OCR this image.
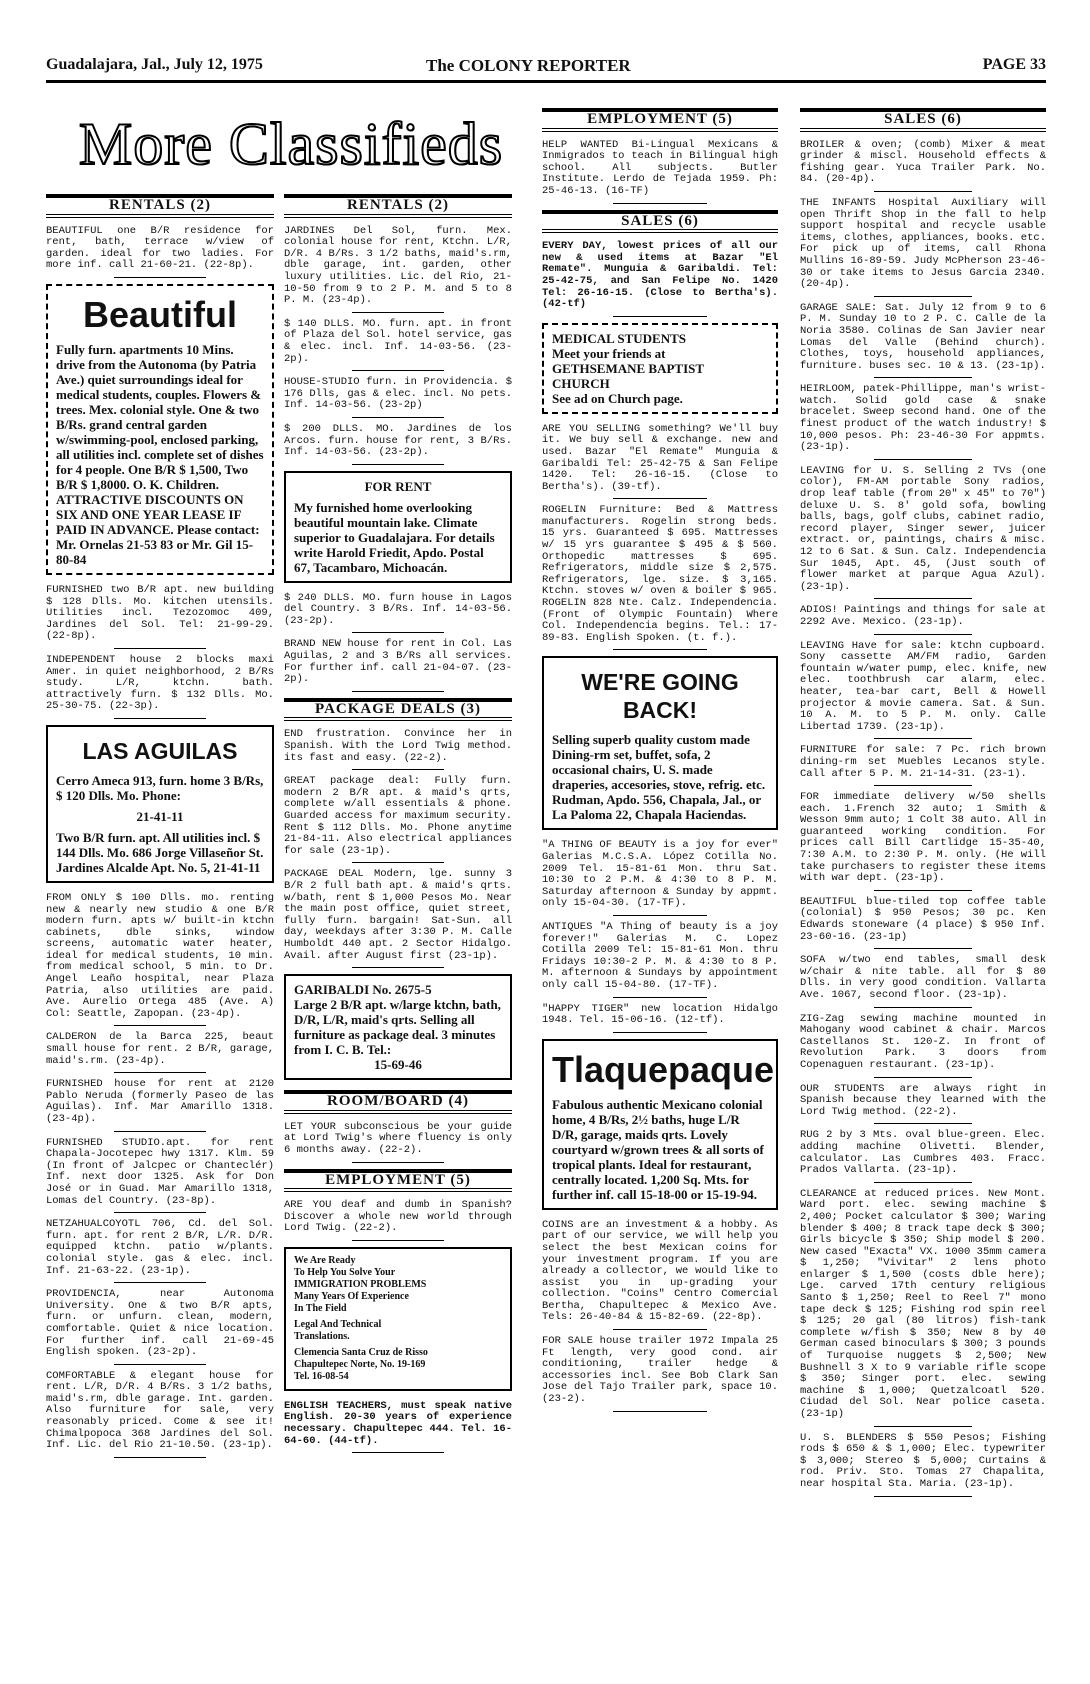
Guadalajara, Jal., July 12, 1975	The COLONY REPORTER	PAGE 33
More Classifieds
RENTALS (2)
BEAUTIFUL one B/R residence for rent, bath, terrace w/view of garden. ideal for two ladies. For more inf. call 21-60-21. (22-8p).
Beautiful
Fully furn. apartments 10 Mins. drive from the Autonoma (by Patria Ave.) quiet surroundings ideal for medical students, couples. Flowers & trees. Mex. colonial style. One & two B/Rs. grand central garden w/swimming-pool, enclosed parking, all utilities incl. complete set of dishes for 4 people. One B/R $ 1,500, Two B/R $ 1,8000. O. K. Children. ATTRACTIVE DISCOUNTS ON SIX AND ONE YEAR LEASE IF PAID IN ADVANCE. Please contact: Mr. Ornelas 21-53 83 or Mr. Gil 15-80-84
FURNISHED two B/R apt. new building $ 128 Dlls. Mo. kitchen utensils. Utilities incl. Tezozomoc 409, Jardines del Sol. Tel: 21-99-29. (22-8p).
INDEPENDENT house 2 blocks maxi Amer. in quiet neighborhood, 2 B/Rs study. L/R, ktchn. bath. attractively furn. $ 132 Dlls. Mo. 25-30-75. (22-3p).
LAS AGUILAS
Cerro Ameca 913, furn. home 3 B/Rs, $ 120 Dlls. Mo. Phone:
21-41-11
Two B/R furn. apt. All utilities incl. $ 144 Dlls. Mo. 686 Jorge Villaseñor St. Jardines Alcalde Apt. No. 5, 21-41-11
FROM ONLY $ 100 Dlls. mo. renting new & nearly new studio & one B/R modern furn. apts w/ built-in ktchn cabinets, dble sinks, window screens, automatic water heater, ideal for medical students, 10 min. from medical school, 5 min. to Dr. Angel Leaño hospital, near Plaza Patria, also utilities are paid. Ave. Aurelio Ortega 485 (Ave. A) Col: Seattle, Zapopan. (23-4p).
CALDERON de la Barca 225, beaut small house for rent. 2 B/R, garage, maid's.rm. (23-4p).
FURNISHED house for rent at 2120 Pablo Neruda (formerly Paseo de las Aguilas). Inf. Mar Amarillo 1318. (23-4p).
FURNISHED STUDIO.apt. for rent Chapala-Jocotepec hwy 1317. Klm. 59 (In front of Jalcpec or Chanteclér) Inf. next door 1325. Ask for Don José or in Guad. Mar Amarillo 1318, Lomas del Country. (23-8p).
NETZAHUALCOYOTL 706, Cd. del Sol. furn. apt. for rent 2 B/R, L/R. D/R. equipped ktchn. patio w/plants. colonial style. gas & elec. incl. Inf. 21-63-22. (23-1p).
PROVIDENCIA, near Autonoma University. One & two B/R apts, furn. or unfurn. clean, modern, comfortable. Quiet & nice location. For further inf. call 21-69-45 English spoken. (23-2p).
COMFORTABLE & elegant house for rent. L/R, D/R. 4 B/Rs. 3 1/2 baths, maid's.rm, dble garage. Int. garden. Also furniture for sale, very reasonably priced. Come & see it! Chimalpopoca 368 Jardines del Sol. Inf. Lic. del Rio 21-10.50. (23-1p).
RENTALS (2)
JARDINES Del Sol, furn. Mex. colonial house for rent, Ktchn. L/R, D/R. 4 B/Rs. 3 1/2 baths, maid's.rm, dble garage, int. garden, other luxury utilities. Lic. del Rio, 21-10-50 from 9 to 2 P. M. and 5 to 8 P. M. (23-4p).
$ 140 DLLS. MO. furn. apt. in front of Plaza del Sol. hotel service, gas & elec. incl. Inf. 14-03-56. (23-2p).
HOUSE-STUDIO furn. in Providencia. $ 176 Dlls, gas & elec. incl. No pets. Inf. 14-03-56. (23-2p)
$ 200 DLLS. MO. Jardines de los Arcos. furn. house for rent, 3 B/Rs. Inf. 14-03-56. (23-2p).
FOR RENT
My furnished home overlooking beautiful mountain lake. Climate superior to Guadalajara. For details write Harold Friedit, Apdo. Postal 67, Tacambaro, Michoacán.
$ 240 DLLS. MO. furn house in Lagos del Country. 3 B/Rs. Inf. 14-03-56. (23-2p).
BRAND NEW house for rent in Col. Las Aguilas, 2 and 3 B/Rs all services. For further inf. call 21-04-07. (23-2p).
PACKAGE DEALS (3)
END frustration. Convince her in Spanish. With the Lord Twig method. its fast and easy. (22-2).
GREAT package deal: Fully furn. modern 2 B/R apt. & maid's qrts, complete w/all essentials & phone. Guarded access for maximum security. Rent $ 112 Dlls. Mo. Phone anytime 21-84-11. Also electrical appliances for sale (23-1p).
PACKAGE DEAL Modern, lge. sunny 3 B/R 2 full bath apt. & maid's qrts. w/bath, rent $ 1,000 Pesos Mo. Near the main post office, quiet street, fully furn. bargain! Sat-Sun. all day, weekdays after 3:30 P. M. Calle Humboldt 440 apt. 2 Sector Hidalgo. Avail. after August first (23-1p).
GARIBALDI No. 2675-5
Large 2 B/R apt. w/large ktchn, bath, D/R, L/R, maid's qrts. Selling all furniture as package deal. 3 minutes from I. C. B. Tel.:
15-69-46
ROOM/BOARD (4)
LET YOUR subconscious be your guide at Lord Twig's where fluency is only 6 months away. (22-2).
EMPLOYMENT (5)
ARE YOU deaf and dumb in Spanish? Discover a whole new world through Lord Twig. (22-2).
We Are Ready
To Help You Solve Your
IMMIGRATION PROBLEMS
Many Years Of Experience
In The Field
Legal And Technical
Translations.
Clemencia Santa Cruz de Risso
Chapultepec Norte, No. 19-169
Tel. 16-08-54
ENGLISH TEACHERS, must speak native English. 20-30 years of experience necessary. Chapultepec 444. Tel. 16-64-60. (44-tf).
EMPLOYMENT (5)
HELP WANTED Bi-Lingual Mexicans & Inmigrados to teach in Bilingual high school. All subjects. Butler Institute. Lerdo de Tejada 1959. Ph: 25-46-13. (16-TF)
SALES (6)
EVERY DAY, lowest prices of all our new & used items at Bazar "El Remate". Munguia & Garibaldi. Tel: 25-42-75, and San Felipe No. 1420 Tel: 26-16-15. (Close to Bertha's). (42-tf)
MEDICAL STUDENTS
Meet your friends at
GETHSEMANE BAPTIST
CHURCH
See ad on Church page.
ARE YOU SELLING something? We'll buy it. We buy sell & exchange. new and used. Bazar "El Remate" Munguia & Garibaldi Tel: 25-42-75 & San Felipe 1420. Tel: 26-16-15. (Close to Bertha's). (39-tf).
ROGELIN Furniture: Bed & Mattress manufacturers. Rogelin strong beds. 15 yrs. Guaranteed $ 695. Mattresses w/ 15 yrs guarantee $ 495 & $ 560. Orthopedic mattresses $ 695. Refrigerators, middle size $ 2,575. Refrigerators, lge. size. $ 3,165. Ktchn. stoves w/ oven & boiler $ 965. ROGELIN 828 Nte. Calz. Independencia. (Front of Olympic Fountain) Where Col. Independencia begins. Tel.: 17-89-83. English Spoken. (t. f.).
WE'RE GOING BACK!
Selling superb quality custom made Dining-rm set, buffet, sofa, 2 occasional chairs, U. S. made draperies, accesories, stove, refrig. etc. Rudman, Apdo. 556, Chapala, Jal., or La Paloma 22, Chapala Haciendas.
"A THING OF BEAUTY is a joy for ever" Galerias M.C.S.A. López Cotilla No. 2009 Tel. 15-81-61 Mon. thru Sat. 10:30 to 2 P.M. & 4:30 to 8 P. M. Saturday afternoon & Sunday by appmt. only 15-04-30. (17-TF).
ANTIQUES "A Thing of beauty is a joy forever!" Galerias M. C. Lopez Cotilla 2009 Tel: 15-81-61 Mon. thru Fridays 10:30-2 P. M. & 4:30 to 8 P. M. afternoon & Sundays by appointment only call 15-04-80. (17-TF).
"HAPPY TIGER" new location Hidalgo 1948. Tel. 15-06-16. (12-tf).
Tlaquepaque
Fabulous authentic Mexicano colonial home, 4 B/Rs, 2½ baths, huge L/R D/R, garage, maids qrts. Lovely courtyard w/grown trees & all sorts of tropical plants. Ideal for restaurant, centrally located. 1,200 Sq. Mts. for further inf. call 15-18-00 or 15-19-94.
COINS are an investment & a hobby. As part of our service, we will help you select the best Mexican coins for your investment program. If you are already a collector, we would like to assist you in up-grading your collection. "Coins" Centro Comercial Bertha, Chapultepec & Mexico Ave. Tels: 26-40-84 & 15-82-69. (22-8p).
FOR SALE house trailer 1972 Impala 25 Ft length, very good cond. air conditioning, trailer hedge & accessories incl. See Bob Clark San Jose del Tajo Trailer park, space 10. (23-2).
SALES (6)
BROILER & oven; (comb) Mixer & meat grinder & miscl. Household effects & fishing gear. Yuca Trailer Park. No. 84. (20-4p).
THE INFANTS Hospital Auxiliary will open Thrift Shop in the fall to help support hospital and recycle usable items, clothes, appliances, books. etc. For pick up of items, call Rhona Mullins 16-89-59. Judy McPherson 23-46-30 or take items to Jesus Garcia 2340. (20-4p).
GARAGE SALE: Sat. July 12 from 9 to 6 P. M. Sunday 10 to 2 P. C. Calle de la Noria 3580. Colinas de San Javier near Lomas del Valle (Behind church). Clothes, toys, household appliances, furniture. buses sec. 10 & 13. (23-1p).
HEIRLOOM, patek-Phillippe, man's wrist-watch. Solid gold case & snake bracelet. Sweep second hand. One of the finest product of the watch industry! $ 10,000 pesos. Ph: 23-46-30 For appmts. (23-1p).
LEAVING for U. S. Selling 2 TVs (one color), FM-AM portable Sony radios, drop leaf table (from 20" x 45" to 70") deluxe U. S. 8' gold sofa, bowling balls, bags, golf clubs, cabinet radio, record player, Singer sewer, juicer extract. or, paintings, chairs & misc. 12 to 6 Sat. & Sun. Calz. Independencia Sur 1045, Apt. 45, (Just south of flower market at parque Agua Azul). (23-1p).
ADIOS! Paintings and things for sale at 2292 Ave. Mexico. (23-1p).
LEAVING Have for sale: ktchn cupboard. Sony cassette AM/FM radio, Garden fountain w/water pump, elec. knife, new elec. toothbrush car alarm, elec. heater, tea-bar cart, Bell & Howell projector & movie camera. Sat. & Sun. 10 A. M. to 5 P. M. only. Calle Libertad 1739. (23-1p).
FURNITURE for sale: 7 Pc. rich brown dining-rm set Muebles Lecanos style. Call after 5 P. M. 21-14-31. (23-1).
FOR immediate delivery w/50 shells each. 1.French 32 auto; 1 Smith & Wesson 9mm auto; 1 Colt 38 auto. All in guaranteed working condition. For prices call Bill Cartlidge 15-35-40, 7:30 A.M. to 2:30 P. M. only. (He will take purchasers to register these items with war dept. (23-1p).
BEAUTIFUL blue-tiled top coffee table (colonial) $ 950 Pesos; 30 pc. Ken Edwards stoneware (4 place) $ 950 Inf. 23-60-16. (23-1p)
SOFA w/two end tables, small desk w/chair & nite table. all for $ 80 Dlls. in very good condition. Vallarta Ave. 1067, second floor. (23-1p).
ZIG-Zag sewing machine mounted in Mahogany wood cabinet & chair. Marcos Castellanos St. 120-Z. In front of Revolution Park. 3 doors from Copenaguen restaurant. (23-1p).
OUR STUDENTS are always right in Spanish because they learned with the Lord Twig method. (22-2).
RUG 2 by 3 Mts. oval blue-green. Elec. adding machine Olivetti. Blender, calculator. Las Cumbres 403. Fracc. Prados Vallarta. (23-1p).
CLEARANCE at reduced prices. New Mont. Ward port. elec. sewing machine $ 2,400; Pocket calculator $ 300; Waring blender $ 400; 8 track tape deck $ 300; Girls bicycle $ 350; Ship model $ 200. New cased "Exacta" VX. 1000 35mm camera $ 1,250; "Vivitar" 2 lens photo enlarger $ 1,500 (costs dble here); Lge. carved 17th century religious Santo $ 1,250; Reel to Reel 7" mono tape deck $ 125; Fishing rod spin reel $ 125; 20 gal (80 litros) fish-tank complete w/fish $ 350; New 8 by 40 German cased binoculars $ 300; 3 pounds of Turquoise nuggets $ 2,500; New Bushnell 3 X to 9 variable rifle scope $ 350; Singer port. elec. sewing machine $ 1,000; Quetzalcoatl 520. Ciudad del Sol. Near police caseta. (23-1p)
U. S. BLENDERS $ 550 Pesos; Fishing rods $ 650 & $ 1,000; Elec. typewriter $ 3,000; Stereo $ 5,000; Curtains & rod. Priv. Sto. Tomas 27 Chapalita, near hospital Sta. Maria. (23-1p).
